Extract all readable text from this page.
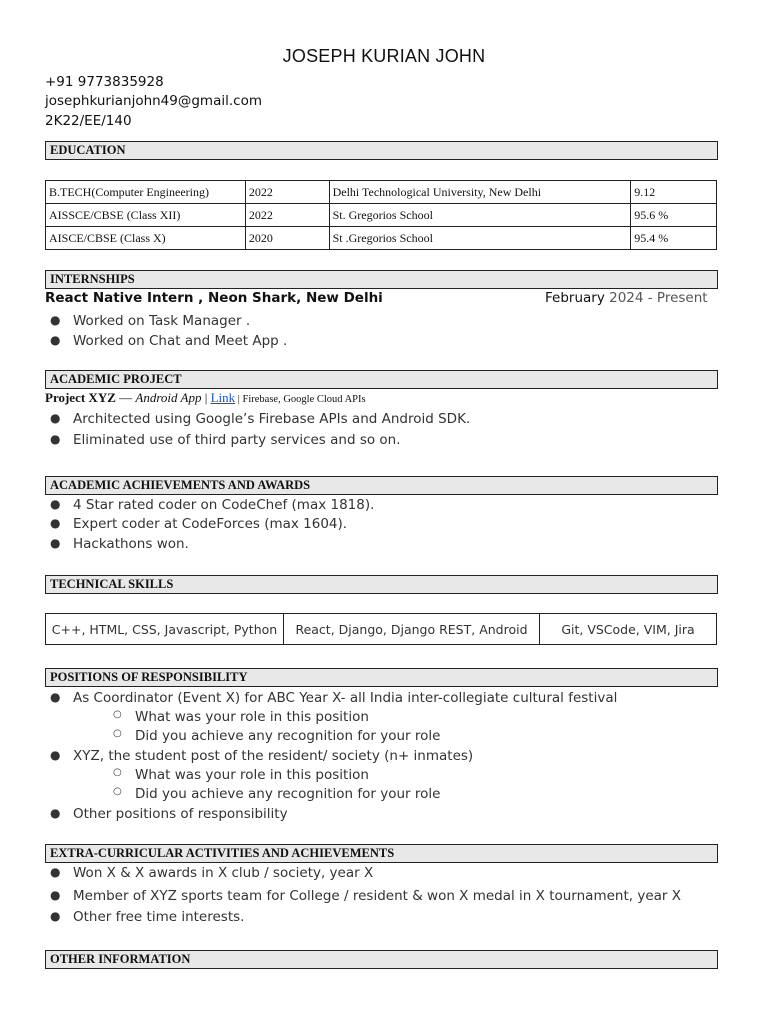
JOSEPH KURIAN JOHN
+91 9773835928
josephkurianjohn49@gmail.com
2K22/EE/140
EDUCATION
B.TECH(Computer Engineering)	2022	Delhi Technological University, New Delhi	9.12
AISSCE/CBSE (Class XII)	2022	St. Gregorios School	95.6 %
AISCE/CBSE (Class X)	2020	St .Gregorios School	95.4 %
INTERNSHIPS
React Native Intern , Neon Shark, New Delhi	February 2024 - Present
● Worked on Task Manager .
● Worked on Chat and Meet App .
ACADEMIC PROJECT
Project XYZ — Android App | Link | Firebase, Google Cloud APIs
● Architected using Google’s Firebase APIs and Android SDK.
● Eliminated use of third party services and so on.
ACADEMIC ACHIEVEMENTS AND AWARDS
● 4 Star rated coder on CodeChef (max 1818).
● Expert coder at CodeForces (max 1604).
● Hackathons won.
TECHNICAL SKILLS
C++, HTML, CSS, Javascript, Python	React, Django, Django REST, Android	Git, VSCode, VIM, Jira
POSITIONS OF RESPONSIBILITY
● As Coordinator (Event X) for ABC Year X- all India inter-collegiate cultural festival
○ What was your role in this position
○ Did you achieve any recognition for your role
● XYZ, the student post of the resident/ society (n+ inmates)
○ What was your role in this position
○ Did you achieve any recognition for your role
● Other positions of responsibility
EXTRA-CURRICULAR ACTIVITIES AND ACHIEVEMENTS
● Won X & X awards in X club / society, year X
● Member of XYZ sports team for College / resident & won X medal in X tournament, year X
● Other free time interests.
OTHER INFORMATION
